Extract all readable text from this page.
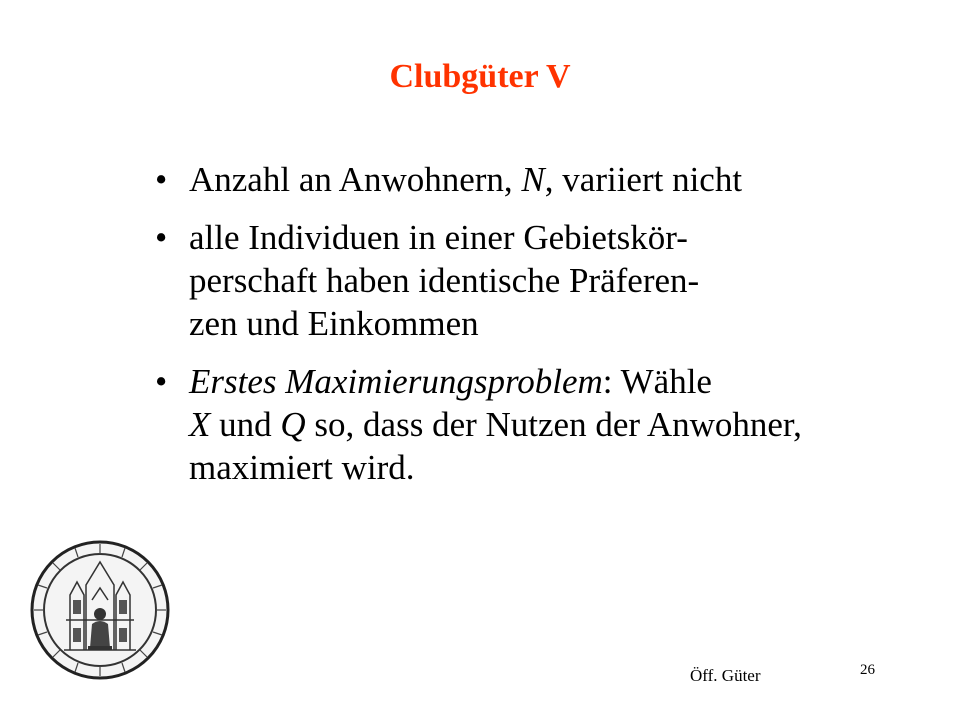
Clubgüter V
• Anzahl an Anwohnern, N, variiert nicht
• alle Individuen in einer Gebietskör-
perschaft haben identische Präferen-
zen und Einkommen
• Erstes Maximierungsproblem: Wähle
X und Q so, dass der Nutzen der Anwohner, maximiert wird.
Öff. Güter	26
